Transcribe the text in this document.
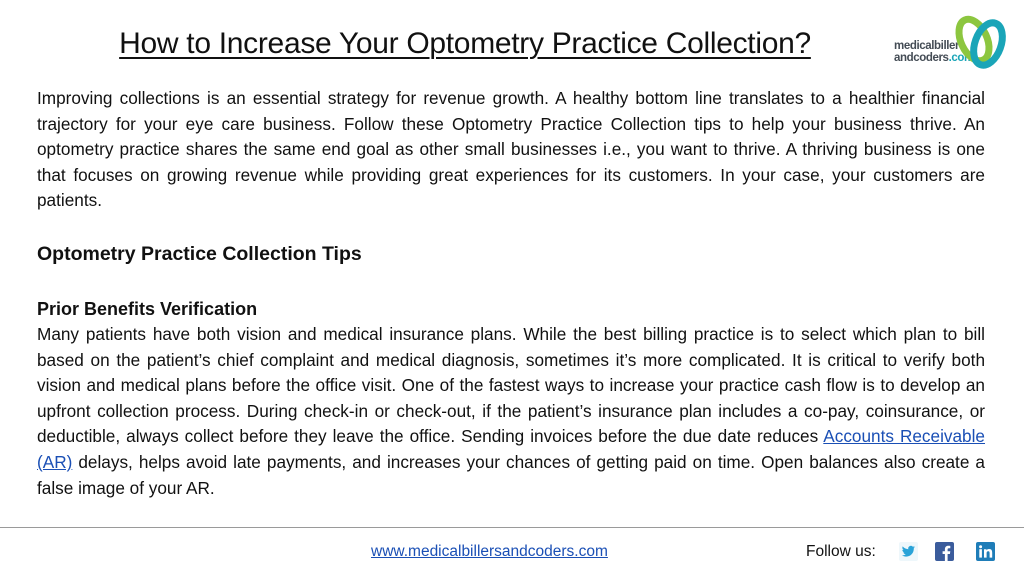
How to Increase Your Optometry Practice Collection?	medicalbillers
andcoders.com

Improving collections is an essential strategy for revenue growth. A healthy bottom line translates to a healthier financial trajectory for your eye care business. Follow these Optometry Practice Collection tips to help your business thrive. An optometry practice shares the same end goal as other small businesses i.e., you want to thrive. A thriving business is one that focuses on growing revenue while providing great experiences for its customers. In your case, your customers are patients.

Optometry Practice Collection Tips
Prior Benefits Verification

Many patients have both vision and medical insurance plans. While the best billing practice is to select which plan to bill based on the patient’s chief complaint and medical diagnosis, sometimes it’s more complicated. It is critical to verify both vision and medical plans before the office visit. One of the fastest ways to increase your practice cash flow is to develop an upfront collection process. During check-in or check-out, if the patient’s insurance plan includes a co-pay, coinsurance, or deductible, always collect before they leave the office. Sending invoices before the due date reduces Accounts Receivable (AR) delays, helps avoid late payments, and increases your chances of getting paid on time. Open balances also create a false image of your AR.

www.medicalbillersandcoders.com	Follow us:
